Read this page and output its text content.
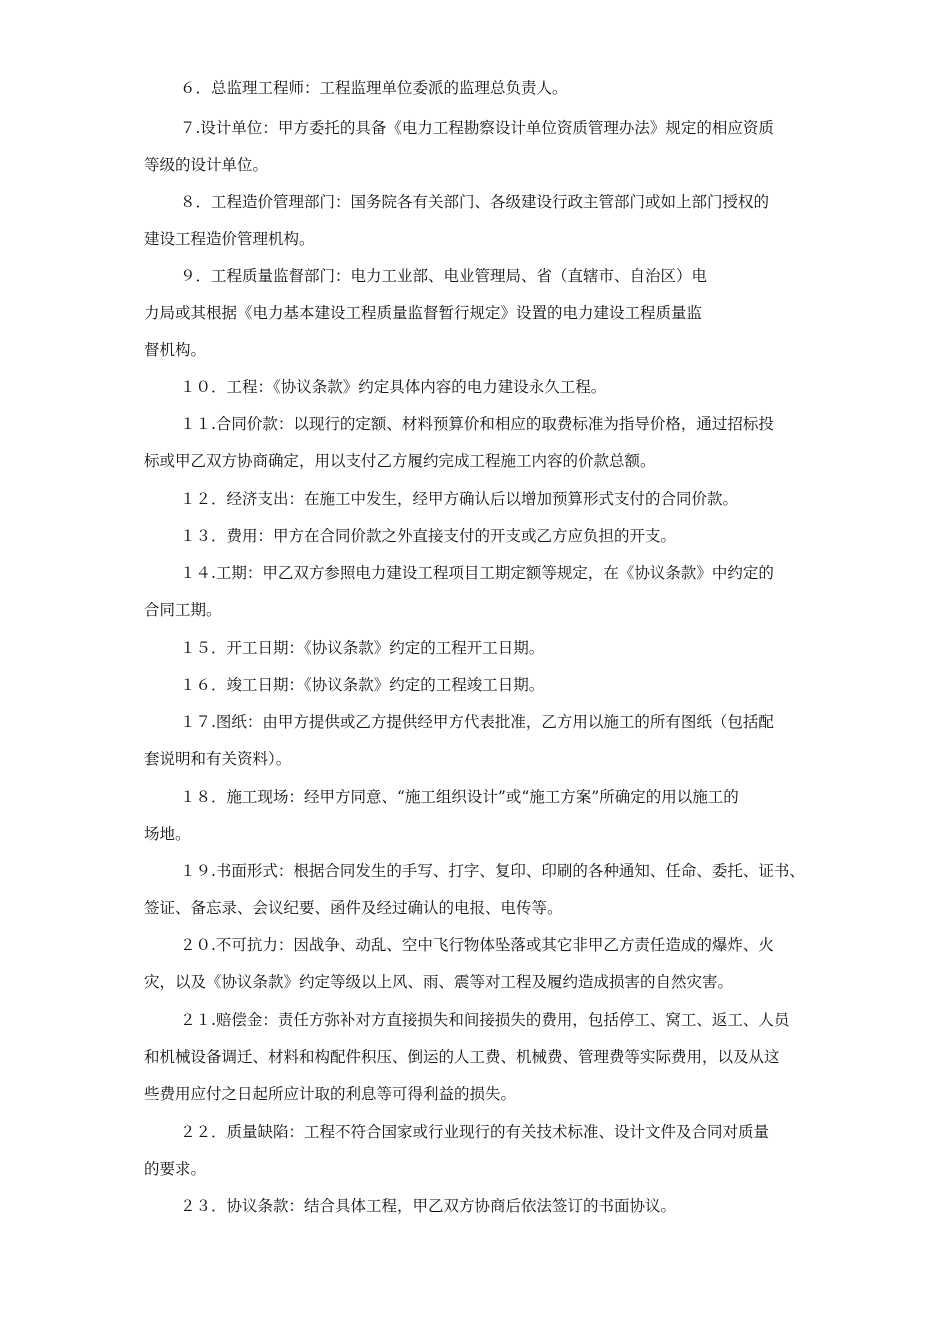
６．总监理工程师：工程监理单位委派的监理总负责人。
７.设计单位：甲方委托的具备《电力工程勘察设计单位资质管理办法》规定的相应资质
等级的设计单位。
８．工程造价管理部门：国务院各有关部门、各级建设行政主管部门或如上部门授权的
建设工程造价管理机构。
９．工程质量监督部门：电力工业部、电业管理局、省（直辖市、自治区）电
力局或其根据《电力基本建设工程质量监督暂行规定》设置的电力建设工程质量监
督机构。
１０．工程：《协议条款》约定具体内容的电力建设永久工程。
１１.合同价款：以现行的定额、材料预算价和相应的取费标准为指导价格，通过招标投
标或甲乙双方协商确定，用以支付乙方履约完成工程施工内容的价款总额。
１２．经济支出：在施工中发生，经甲方确认后以增加预算形式支付的合同价款。
１３．费用：甲方在合同价款之外直接支付的开支或乙方应负担的开支。
１４.工期：甲乙双方参照电力建设工程项目工期定额等规定，在《协议条款》中约定的
合同工期。
１５．开工日期：《协议条款》约定的工程开工日期。
１６．竣工日期：《协议条款》约定的工程竣工日期。
１７.图纸：由甲方提供或乙方提供经甲方代表批准，乙方用以施工的所有图纸（包括配
套说明和有关资料）。
１８．施工现场：经甲方同意、“施工组织设计”或“施工方案”所确定的用以施工的
场地。
１９.书面形式：根据合同发生的手写、打字、复印、印刷的各种通知、任命、委托、证书、
签证、备忘录、会议纪要、函件及经过确认的电报、电传等。
２０.不可抗力：因战争、动乱、空中飞行物体坠落或其它非甲乙方责任造成的爆炸、火
灾，以及《协议条款》约定等级以上风、雨、震等对工程及履约造成损害的自然灾害。
２１.赔偿金：责任方弥补对方直接损失和间接损失的费用，包括停工、窝工、返工、人员
和机械设备调迁、材料和构配件积压、倒运的人工费、机械费、管理费等实际费用，以及从这
些费用应付之日起所应计取的利息等可得利益的损失。
２２．质量缺陷：工程不符合国家或行业现行的有关技术标准、设计文件及合同对质量
的要求。
２３．协议条款：结合具体工程，甲乙双方协商后依法签订的书面协议。
